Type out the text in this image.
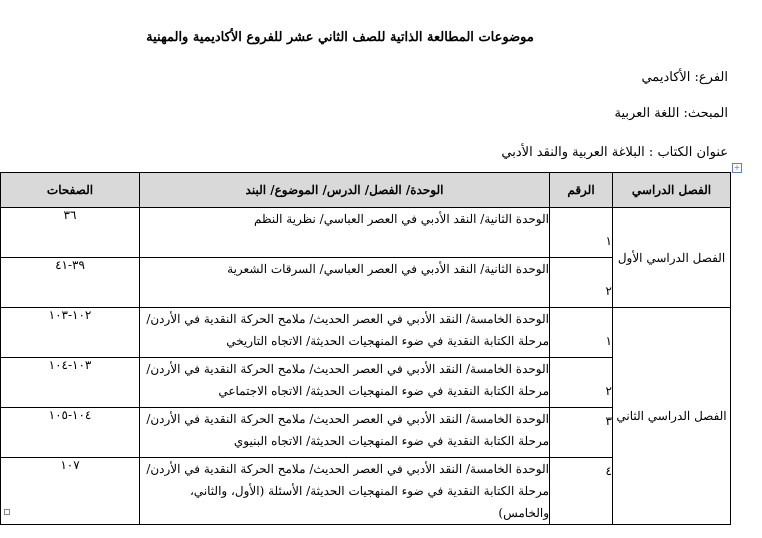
موضوعات المطالعة الذاتية للصف الثاني عشر للفروع الأكاديمية والمهنية
الفرع: الأكاديمي
المبحث: اللغة العربية
عنوان الكتاب : البلاغة العربية والنقد الأدبي
+
الفصل الدراسي	الرقم	الوحدة/ الفصل/ الدرس/ الموضوع/ البند	الصفحات
الفصل الدراسي الأول	١	الوحدة الثانية/ النقد الأدبي في العصر العباسي/ نظرية النظم	٣٦

	٢	الوحدة الثانية/ النقد الأدبي في العصر العباسي/ السرقات الشعرية	٣٩-٤١
الفصل الدراسي الثاني	١	الوحدة الخامسة/ النقد الأدبي في العصر الحديث/ ملامح الحركة النقدية في الأردن/ مرحلة الكتابة النقدية في ضوء المنهجيات الحديثة/ الاتجاه التاريخي	١٠٢-١٠٣

	٢	الوحدة الخامسة/ النقد الأدبي في العصر الحديث/ ملامح الحركة النقدية في الأردن/ مرحلة الكتابة النقدية في ضوء المنهجيات الحديثة/ الاتجاه الاجتماعي	١٠٣-١٠٤

	٣	الوحدة الخامسة/ النقد الأدبي في العصر الحديث/ ملامح الحركة النقدية في الأردن/ مرحلة الكتابة النقدية في ضوء المنهجيات الحديثة/ الاتجاه البنيوي	١٠٤-١٠٥

	٤	الوحدة الخامسة/ النقد الأدبي في العصر الحديث/ ملامح الحركة النقدية في الأردن/ مرحلة الكتابة النقدية في ضوء المنهجيات الحديثة/ الأسئلة (الأول، والثاني، والخامس)	١٠٧
